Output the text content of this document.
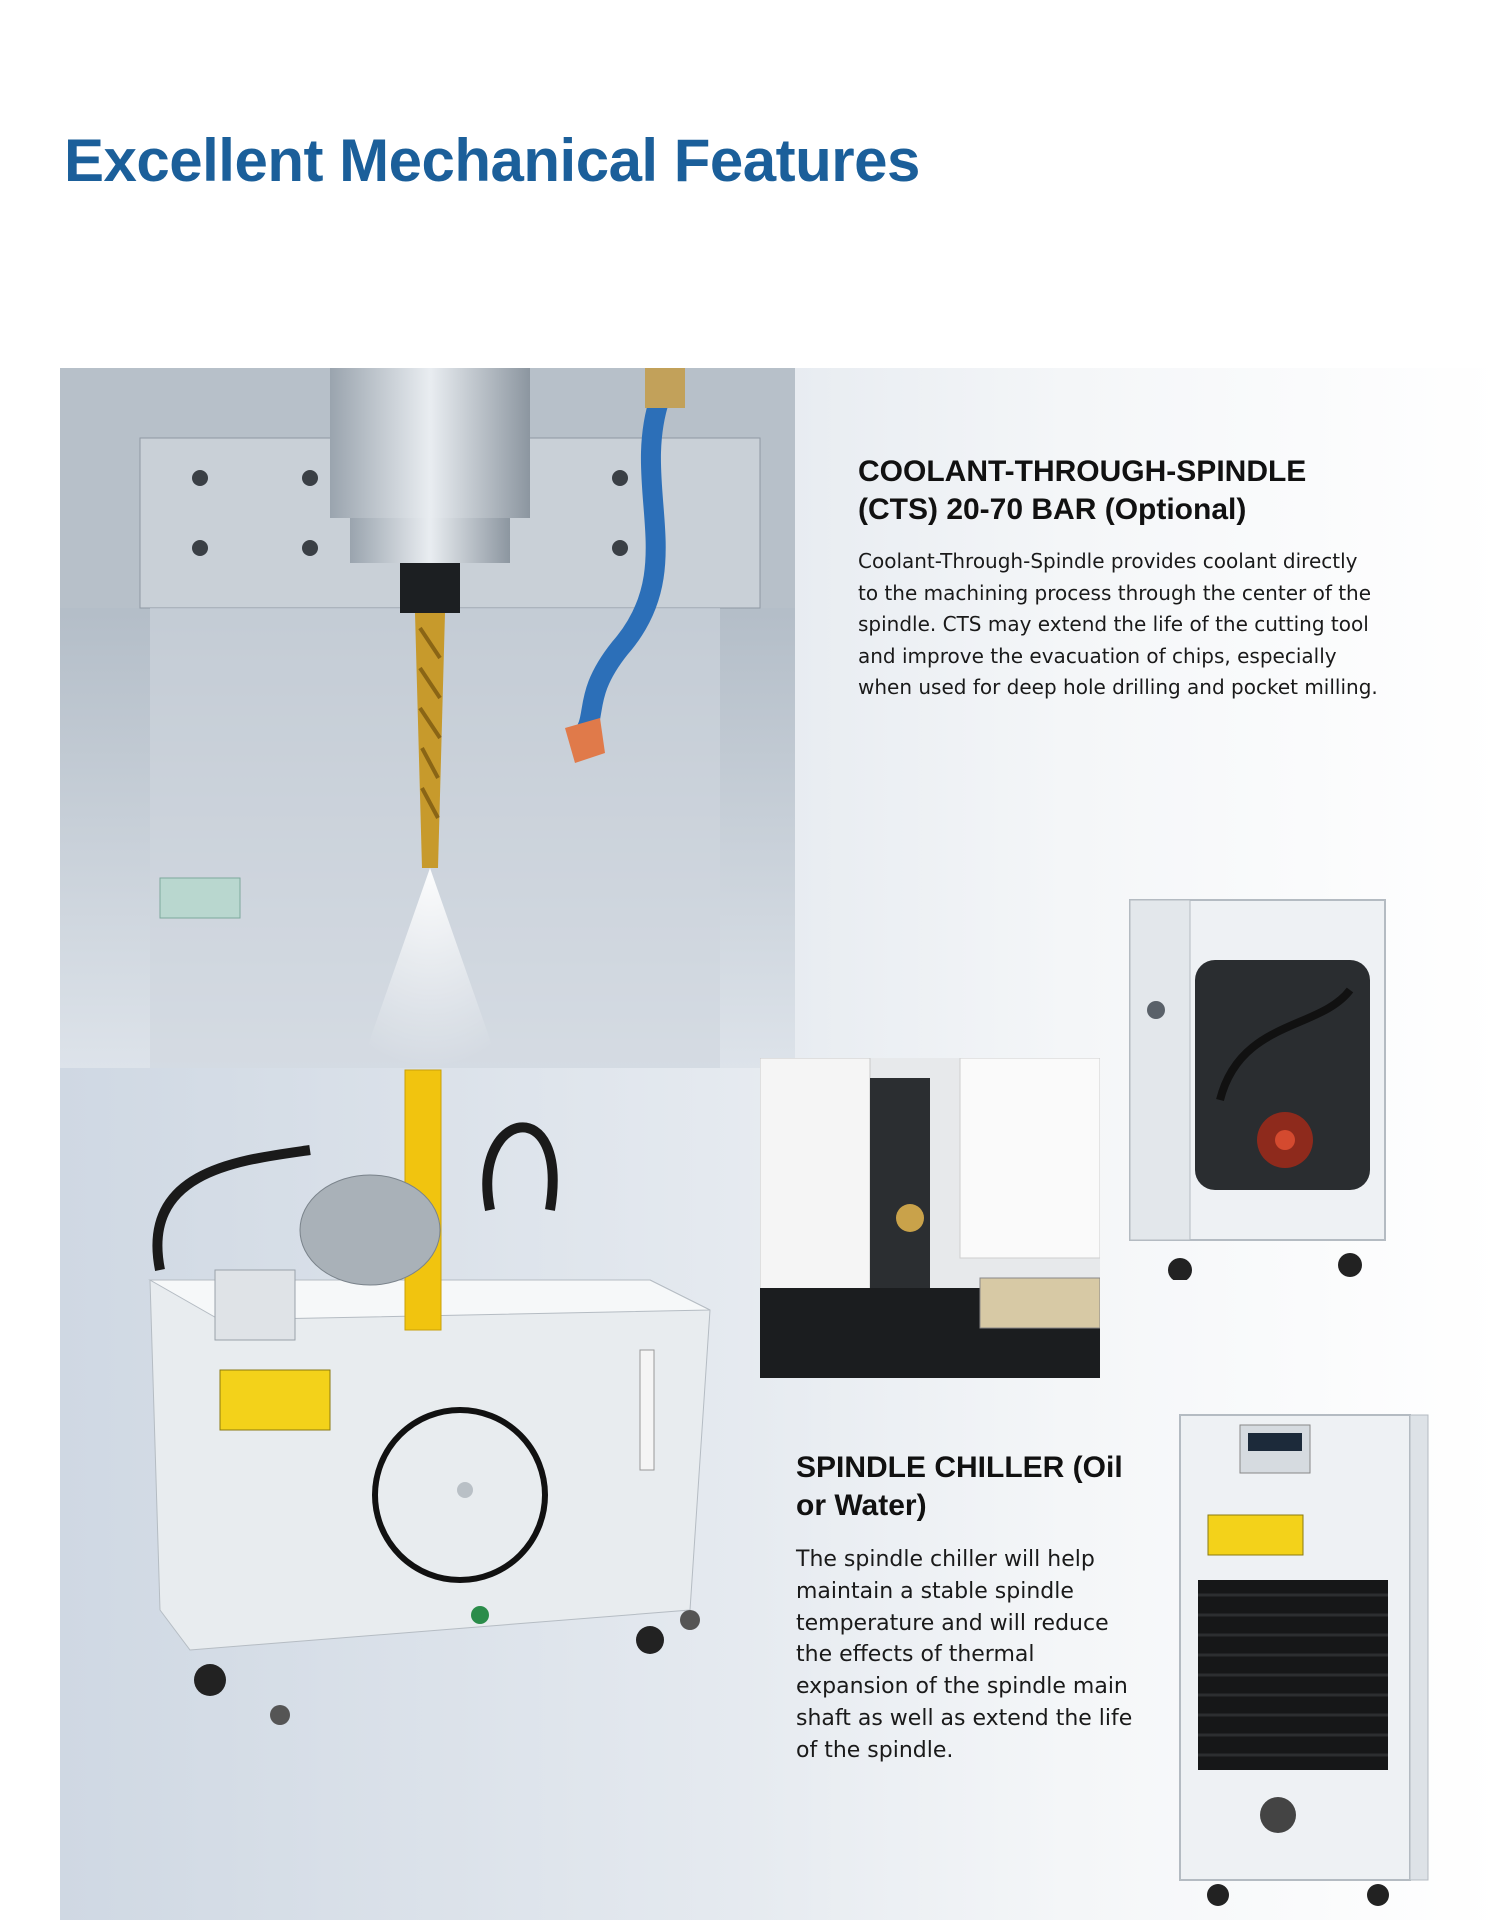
Excellent Mechanical Features
COOLANT-THROUGH-SPINDLE
(CTS) 20-70 BAR (Optional)

Coolant-Through-Spindle provides coolant directly
to the machining process through the center of the
spindle. CTS may extend the life of the cutting tool
and improve the evacuation of chips, especially
when used for deep hole drilling and pocket milling.

SPINDLE CHILLER (Oil
or Water)

The spindle chiller will help
maintain a stable spindle
temperature and will reduce
the effects of thermal
expansion of the spindle main
shaft as well as extend the life
of the spindle.
